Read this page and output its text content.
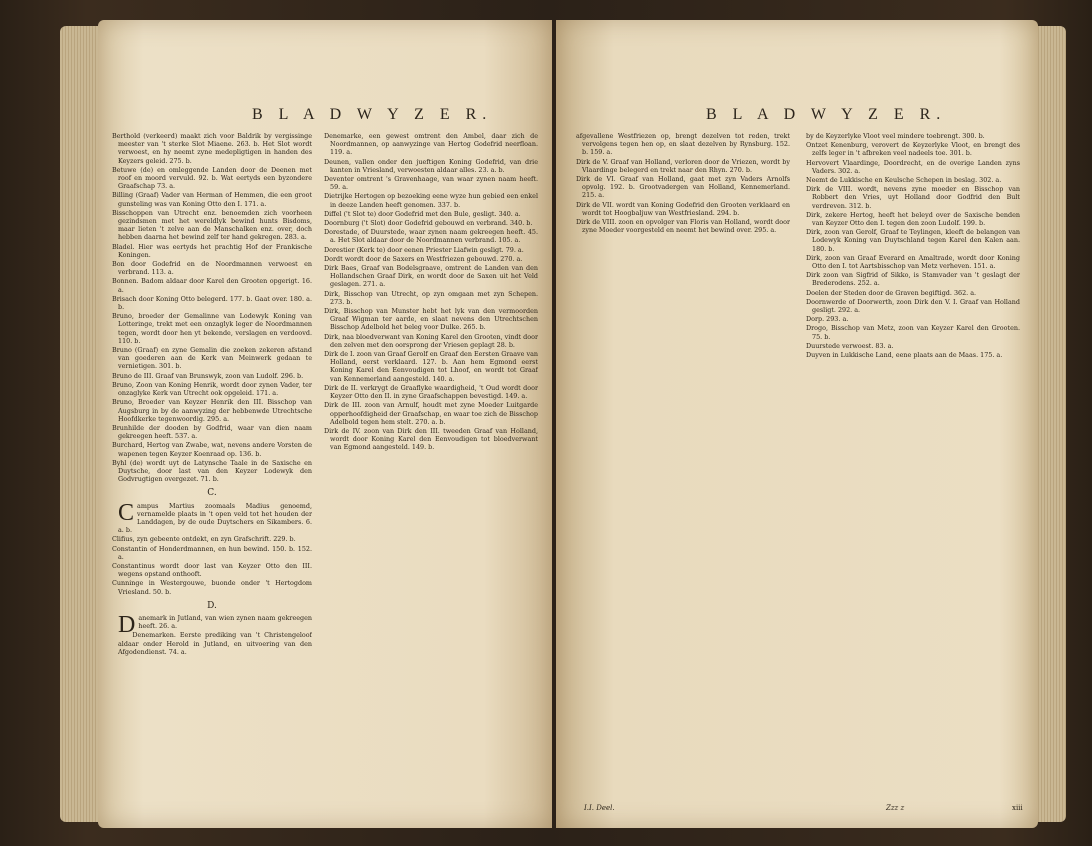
B L A D W Y Z E R.

Berthold (verkeerd) maakt zich voor Baldrik by vergissinge meester van 't sterke Slot Miaene. 263. b. Het Slot wordt verwoest, en hy neemt zyne medepligtigen in handen des Keyzers geleid. 275. b.

Betuwe (de) en omleggende Landen door de Deenen met roof en moord vervuld. 92. b. Wat eertyds een byzondere Graafschap 73. a.

Billing (Graaf) Vader van Herman of Hemmen, die een groot gunsteling was van Koning Otto den I. 171. a.

Bisschoppen van Utrecht enz. benoemden zich voorheen gezindsmen met het wereldlyk bewind hunts Bisdoms, maar lieten 't zelve aan de Manschalken enz. over, doch hebben daarna het bewind zelf ter hand gekregen. 283. a.

Bladel. Hier was eertyds het prachtig Hof der Frankische Koningen.

Bon door Godefrid en de Noordmannen verwoest en verbrand. 113. a.

Bonnen. Badom aldaar door Karel den Grooten opgerigt. 16. a.

Brisach door Koning Otto belegerd. 177. b. Gaat over. 180. a. b.

Bruno, broeder der Gemalinne van Lodewyk Koning van Lotteringe, trekt met een onzaglyk leger de Noordmannen tegen, wordt door hen yt bekende, verslagen en verdoovd. 110. b.

Bruno (Graaf) en zyne Gemalin die zoeken zekeren afstand van goederen aan de Kerk van Meinwerk gedaan te vernietigen. 301. b.

Bruno de III. Graaf van Brunswyk, zoon van Ludolf. 296. b.

Bruno, Zoon van Koning Henrik, wordt door zynen Vader, ter onzaglyke Kerk van Utrecht ook opgeleid. 171. a.

Bruno, Broeder van Keyzer Henrik den III. Bisschop van Augsburg in by de aanwyzing der hebbenwde Utrechtsche Hoofdkerke tegenwoordig. 295. a.

Brunhilde der dooden by Godfrid, waar van dien naam gekreegen heeft. 537. a.

Burchard, Hertog van Zwabe, wat, nevens andere Vorsten de wapenen tegen Keyzer Koenraad op. 136. b.

Byhl (de) wordt uyt de Latynsche Taale in de Saxische en Duytsche, door last van den Keyzer Lodewyk den Godvrugtigen overgezet. 71. b.

C.

Campus Martius zoomaals Madius genoemd, vernamelde plaats in 't open veld tot het houden der Landdagen, by de oude Duytschers en Sikambers. 6. a. b.

Clifius, zyn gebeente ontdekt, en zyn Grafschrift. 229. b.

Constantin of Honderdmannen, en hun bewind. 150. b. 152. a.

Constantinus wordt door last van Keyzer Otto den III. wegens opstand onthooft.

Cunninge in Westergouwe, buonde onder 't Hertogdom Vriesland. 50. b.

D.

Danemark in Jutland, van wien zynen naam gekreegen heeft. 26. a.

Denemarken. Eerste prediking van 't Christengeloof aldaar onder Herold in Jutland, en uitvoering van den Afgodendienst. 74. a.

Denemarke, een gewest omtrent den Ambel, daar zich de Noordmannen, op aanwyzinge van Hertog Godefrid neerfloan. 119. a.

Deunen, vallen onder den jueftigen Koning Godefrid, van drie kanten in Vriesland, verwoesten aldaar alles. 23. a. b.

Deventer omtrent 's Gravenhaage, van waar zynen naam heeft. 59. a.

Dietrijke Hertogen op bezoeking eene wyze hun gebied een enkel in deeze Landen heeft genomen. 337. b.

Diffel ('t Slot te) door Godefrid met den Bule, gesligt. 340. a.

Doornburg ('t Slot) door Godefrid gebouwd en verbrand. 340. b.

Dorestade, of Duurstede, waar zynen naam gekreegen heeft. 45. a. Het Slot aldaar door de Noordmannen verbrand. 105. a.

Dorestier (Kerk te) door eenen Priester Liafwin gesligt. 79. a.

Dordt wordt door de Saxers en Westfriezen gebouwd. 270. a.

Dirk Baes, Graaf van Bodelsgraave, omtrent de Landen van den Hollandschen Graaf Dirk, en wordt door de Saxen uit het Veld geslagen. 271. a.

Dirk, Bisschop van Utrecht, op zyn omgaan met zyn Schepen. 273. b.

Dirk, Bisschop van Munster hebt het lyk van den vermoorden Graaf Wigman ter aarde, en slaat nevens den Utrechtschen Bisschop Adelbold het beleg voor Dulke. 265. b.

Dirk, naa bloedverwant van Koning Karel den Grooten, vindt door den zelven met den oorsprong der Vriesen geplagt 28. b.

Dirk de I. zoon van Graaf Gerolf en Graaf den Eersten Graave van Holland, eerst verklaard. 127. b. Aan hem Egmond eerst Koning Karel den Eenvoudigen tot Lhoof, en wordt tot Graaf van Kennemerland aangesteld. 140. a.

Dirk de II. verkrygt de Graaflyke waardigheid, 't Oud wordt door Keyzer Otto den II. in zyne Graafschappen bevestigd. 149. a.

Dirk de III. zoon van Arnulf, houdt met zyne Moeder Luitgarde opperhoofdigheid der Graafschap, en waar toe zich de Bisschop Adelbold tegen hem stelt. 270. a. b.

Dirk de IV. zoon van Dirk den III. tweeden Graaf van Holland, wordt door Koning Karel den Eenvoudigen tot bloedverwant van Egmond aangesteld. 149. b.

B L A D W Y Z E R.

afgevallene Westfriezen op, brengt dezelven tot reden, trekt vervolgens tegen hen op, en slaat dezelven by Rynsburg. 152. b. 159. a.

Dirk de V. Graaf van Holland, verloren door de Vriezen, wordt by Vlaardinge belegerd en trekt naar den Rhyn. 270. b.

Dirk de VI. Graaf van Holland, gaat met zyn Vaders Arnolfs opvolg. 192. b. Grootvadergen van Holland, Kennemerland. 215. a.

Dirk de VII. wordt van Koning Godefrid den Grooten verklaard en wordt tot Hoogbaljuw van Westfriesland. 294. b.

Dirk de VIII. zoon en opvolger van Floris van Holland, wordt door zyne Moeder voorgesteld en neemt het bewind over. 295. a.

by de Keyzerlyke Vloot veel mindere toebrengt. 300. b.

Ontzet Kenenburg, verovert de Keyzerlyke Vloot, en brengt des zelfs leger in 't afbreken veel nadeels toe. 301. b.

Hervovert Vlaardinge, Doordrecht, en de overige Landen zyns Vaders. 302. a.

Neemt de Lukkische en Keulsche Schepen in beslag. 302. a.

Dirk de VIII. wordt, nevens zyne moeder en Bisschop van Robbert den Vries, uyt Holland door Godfrid den Bult verdreven. 312. b.

Dirk, zekere Hertog, heeft het beleyd over de Saxische benden van Keyzer Otto den I. tegen den zoon Ludolf. 199. b.

Dirk, zoon van Gerolf, Graaf te Teylingen, kleeft de belangen van Lodewyk Koning van Duytschland tegen Karel den Kalen aan. 180. b.

Dirk, zoon van Graaf Everard en Amaltrade, wordt door Koning Otto den I. tot Aartsbisschop van Metz verheven. 151. a.

Dirk zoon van Sigfrid of Sikko, is Stamvader van 't geslagt der Brederodens. 252. a.

Doelen der Steden door de Graven begiftigd. 362. a.

Doornwerde of Doorwerth, zoon Dirk den V. I. Graaf van Holland gesligt. 292. a.

Dorp. 293. a.

Drogo, Bisschop van Metz, zoon van Keyzer Karel den Grooten. 75. b.

Duurstede verwoest. 83. a.

Duyven in Lukkische Land, eene plaats aan de Maas. 175. a.

I.I. Deel.	Zzz z	xiii
